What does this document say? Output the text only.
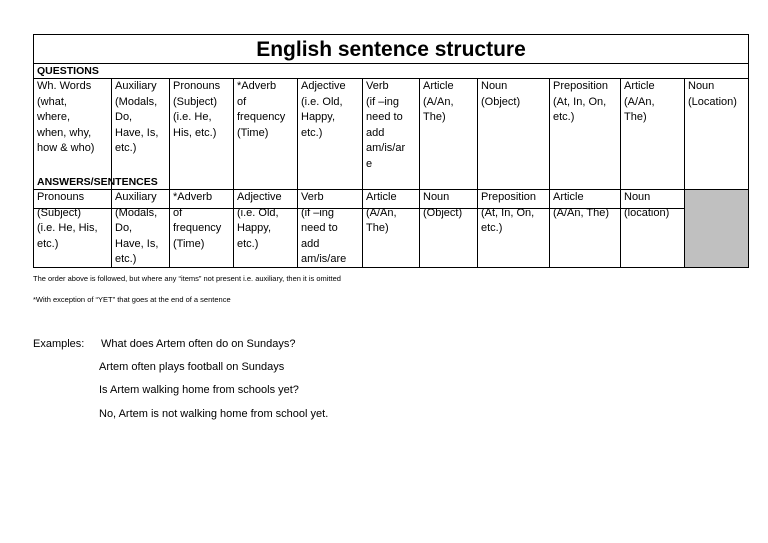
English sentence structure
QUESTIONS
Wh. Words
(what,
where,
when, why,
how & who)
Auxiliary
(Modals,
Do,
Have, Is,
etc.)
Pronouns
(Subject)
(i.e. He,
His, etc.)
*Adverb
of
frequency
(Time)
Adjective
(i.e. Old,
Happy,
etc.)
Verb
(if –ing
need to
add
am/is/ar
e
Article
(A/An,
The)
Noun
(Object)
Preposition
(At, In, On,
etc.)
Article
(A/An,
The)
Noun
(Location)
ANSWERS/SENTENCES
Pronouns
(Subject)
(i.e. He, His,
etc.)
Auxiliary
(Modals,
Do,
Have, Is,
etc.)
*Adverb
of
frequency
(Time)
Adjective
(i.e. Old,
Happy,
etc.)
Verb
(if –ing
need to
add
am/is/are
Article
(A/An,
The)
Noun
(Object)
Preposition
(At, In, On,
etc.)
Article
(A/An, The)
Noun
(location)
The order above is followed, but where any “items” not present i.e. auxiliary, then it is omitted
*With exception of “YET” that goes at the end of a sentence
Examples: What does Artem often do on Sundays?
Artem often plays football on Sundays
Is Artem walking home from schools yet?
No, Artem is not walking home from school yet.
